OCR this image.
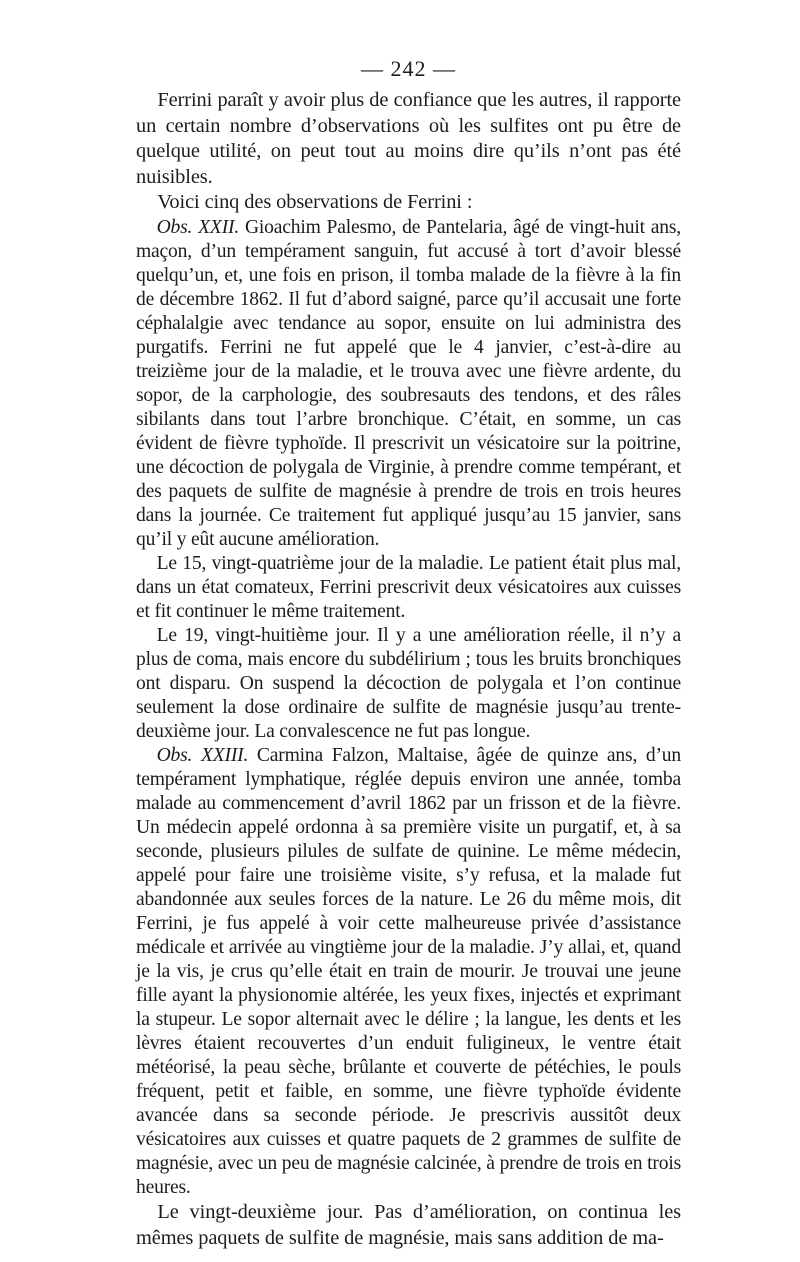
— 242 —

Ferrini paraît y avoir plus de confiance que les autres, il rapporte un certain nombre d’observations où les sulfites ont pu être de quelque utilité, on peut tout au moins dire qu’ils n’ont pas été nuisibles.

Voici cinq des observations de Ferrini :

Obs. XXII. Gioachim Palesmo, de Pantelaria, âgé de vingt-huit ans, maçon, d’un tempérament sanguin, fut accusé à tort d’avoir blessé quelqu’un, et, une fois en prison, il tomba malade de la fièvre à la fin de décembre 1862. Il fut d’abord saigné, parce qu’il accusait une forte céphalalgie avec tendance au sopor, ensuite on lui administra des purgatifs. Ferrini ne fut appelé que le 4 janvier, c’est-à-dire au treizième jour de la maladie, et le trouva avec une fièvre ardente, du sopor, de la carphologie, des soubresauts des tendons, et des râles sibilants dans tout l’arbre bronchique. C’était, en somme, un cas évident de fièvre typhoïde. Il prescrivit un vésicatoire sur la poitrine, une décoction de polygala de Virginie, à prendre comme tempérant, et des paquets de sulfite de magnésie à prendre de trois en trois heures dans la journée. Ce traitement fut appliqué jusqu’au 15 janvier, sans qu’il y eût aucune amélioration.

Le 15, vingt-quatrième jour de la maladie. Le patient était plus mal, dans un état comateux, Ferrini prescrivit deux vésicatoires aux cuisses et fit continuer le même traitement.

Le 19, vingt-huitième jour. Il y a une amélioration réelle, il n’y a plus de coma, mais encore du subdélirium ; tous les bruits bronchiques ont disparu. On suspend la décoction de polygala et l’on continue seulement la dose ordinaire de sulfite de magnésie jusqu’au trente-deuxième jour. La convalescence ne fut pas longue.

Obs. XXIII. Carmina Falzon, Maltaise, âgée de quinze ans, d’un tempérament lymphatique, réglée depuis environ une année, tomba malade au commencement d’avril 1862 par un frisson et de la fièvre. Un médecin appelé ordonna à sa première visite un purgatif, et, à sa seconde, plusieurs pilules de sulfate de quinine. Le même médecin, appelé pour faire une troisième visite, s’y refusa, et la malade fut abandonnée aux seules forces de la nature. Le 26 du même mois, dit Ferrini, je fus appelé à voir cette malheureuse privée d’assistance médicale et arrivée au vingtième jour de la maladie. J’y allai, et, quand je la vis, je crus qu’elle était en train de mourir. Je trouvai une jeune fille ayant la physionomie altérée, les yeux fixes, injectés et exprimant la stupeur. Le sopor alternait avec le délire ; la langue, les dents et les lèvres étaient recouvertes d’un enduit fuligineux, le ventre était météorisé, la peau sèche, brûlante et couverte de pétéchies, le pouls fréquent, petit et faible, en somme, une fièvre typhoïde évidente avancée dans sa seconde période. Je prescrivis aussitôt deux vésicatoires aux cuisses et quatre paquets de 2 grammes de sulfite de magnésie, avec un peu de magnésie calcinée, à prendre de trois en trois heures.

Le vingt-deuxième jour. Pas d’amélioration, on continua les mêmes paquets de sulfite de magnésie, mais sans addition de ma-
